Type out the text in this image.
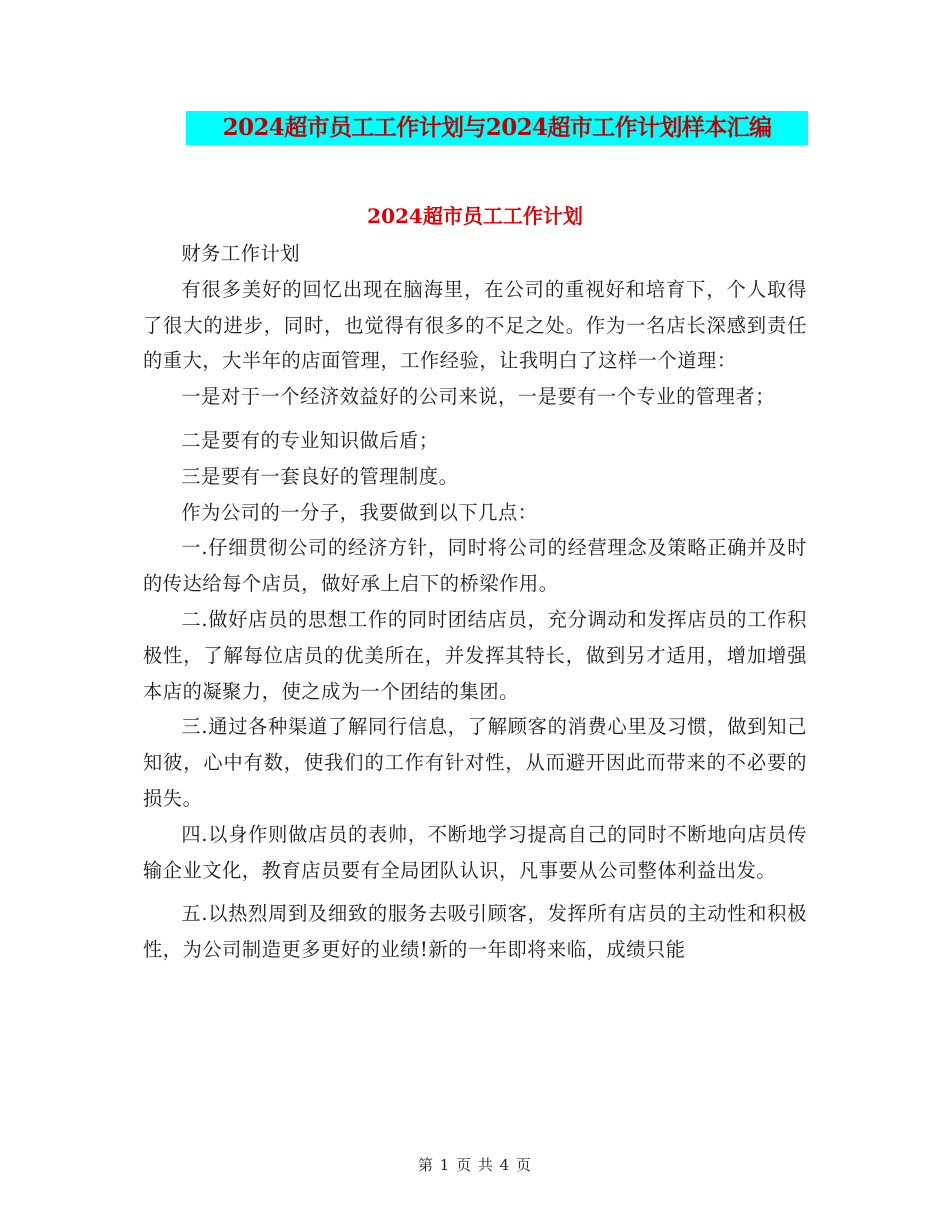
2024超市员工工作计划与2024超市工作计划样本汇编
2024超市员工工作计划

财务工作计划

有很多美好的回忆出现在脑海里，在公司的重视好和培育下，个人取得了很大的进步，同时，也觉得有很多的不足之处。作为一名店长深感到责任的重大，大半年的店面管理，工作经验，让我明白了这样一个道理：

一是对于一个经济效益好的公司来说，一是要有一个专业的管理者；

二是要有的专业知识做后盾；

三是要有一套良好的管理制度。

作为公司的一分子，我要做到以下几点：

一.仔细贯彻公司的经济方针，同时将公司的经营理念及策略正确并及时的传达给每个店员，做好承上启下的桥梁作用。

二.做好店员的思想工作的同时团结店员，充分调动和发挥店员的工作积极性，了解每位店员的优美所在，并发挥其特长，做到另才适用，增加增强本店的凝聚力，使之成为一个团结的集团。

三.通过各种渠道了解同行信息，了解顾客的消费心里及习惯，做到知己知彼，心中有数，使我们的工作有针对性，从而避开因此而带来的不必要的损失。

四.以身作则做店员的表帅，不断地学习提高自己的同时不断地向店员传输企业文化，教育店员要有全局团队认识，凡事要从公司整体利益出发。

五.以热烈周到及细致的服务去吸引顾客，发挥所有店员的主动性和积极性，为公司制造更多更好的业绩!新的一年即将来临，成绩只能

第 1 页 共 4 页
